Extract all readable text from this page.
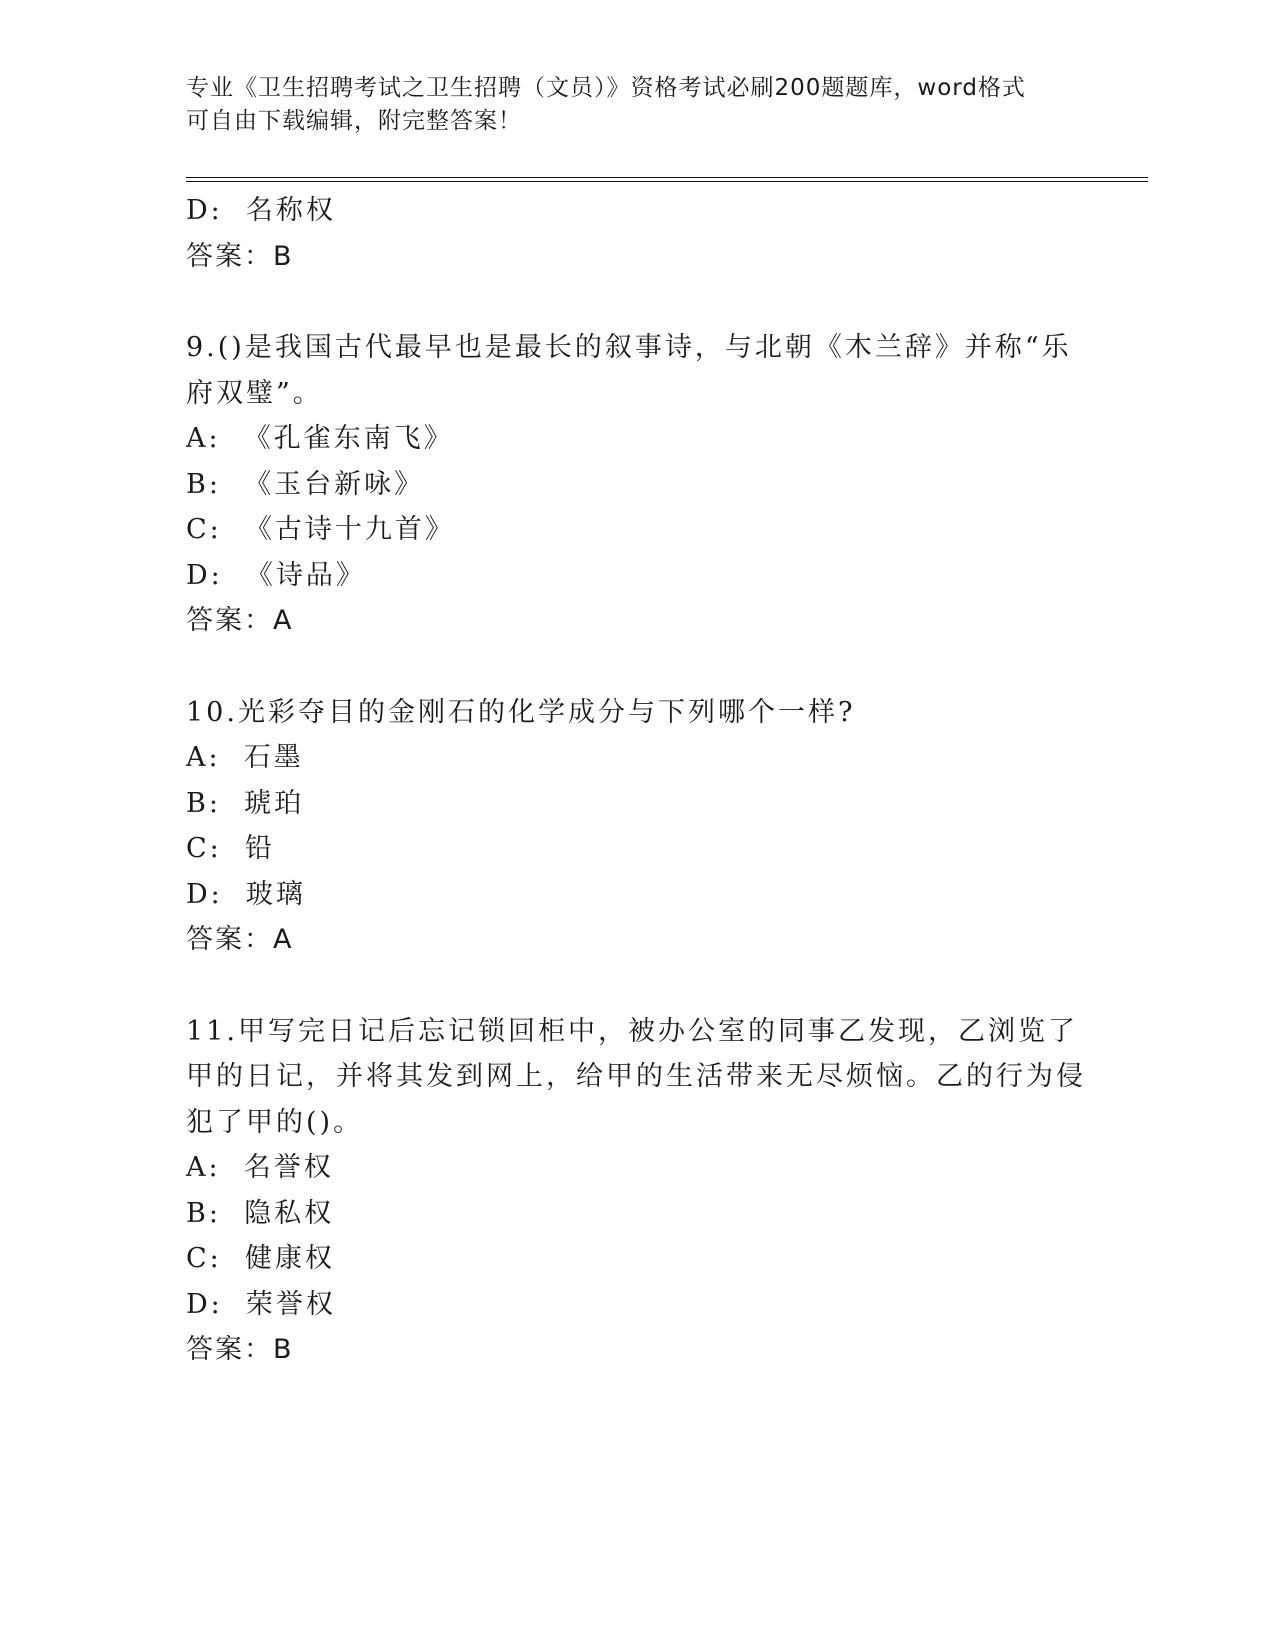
专业《卫生招聘考试之卫生招聘（文员）》资格考试必刷200题题库，word格式
可自由下载编辑，附完整答案！
D:  名称权
答案：B
9.()是我国古代最早也是最长的叙事诗，与北朝《木兰辞》并称“乐府双璧”。
A:  《孔雀东南飞》
B:  《玉台新咏》
C:  《古诗十九首》
D:  《诗品》
答案：A
10.光彩夺目的金刚石的化学成分与下列哪个一样?
A:  石墨
B:  琥珀
C:  铅
D:  玻璃
答案：A
11.甲写完日记后忘记锁回柜中，被办公室的同事乙发现，乙浏览了甲的日记，并将其发到网上，给甲的生活带来无尽烦恼。乙的行为侵犯了甲的()。
A:  名誉权
B:  隐私权
C:  健康权
D:  荣誉权
答案：B
